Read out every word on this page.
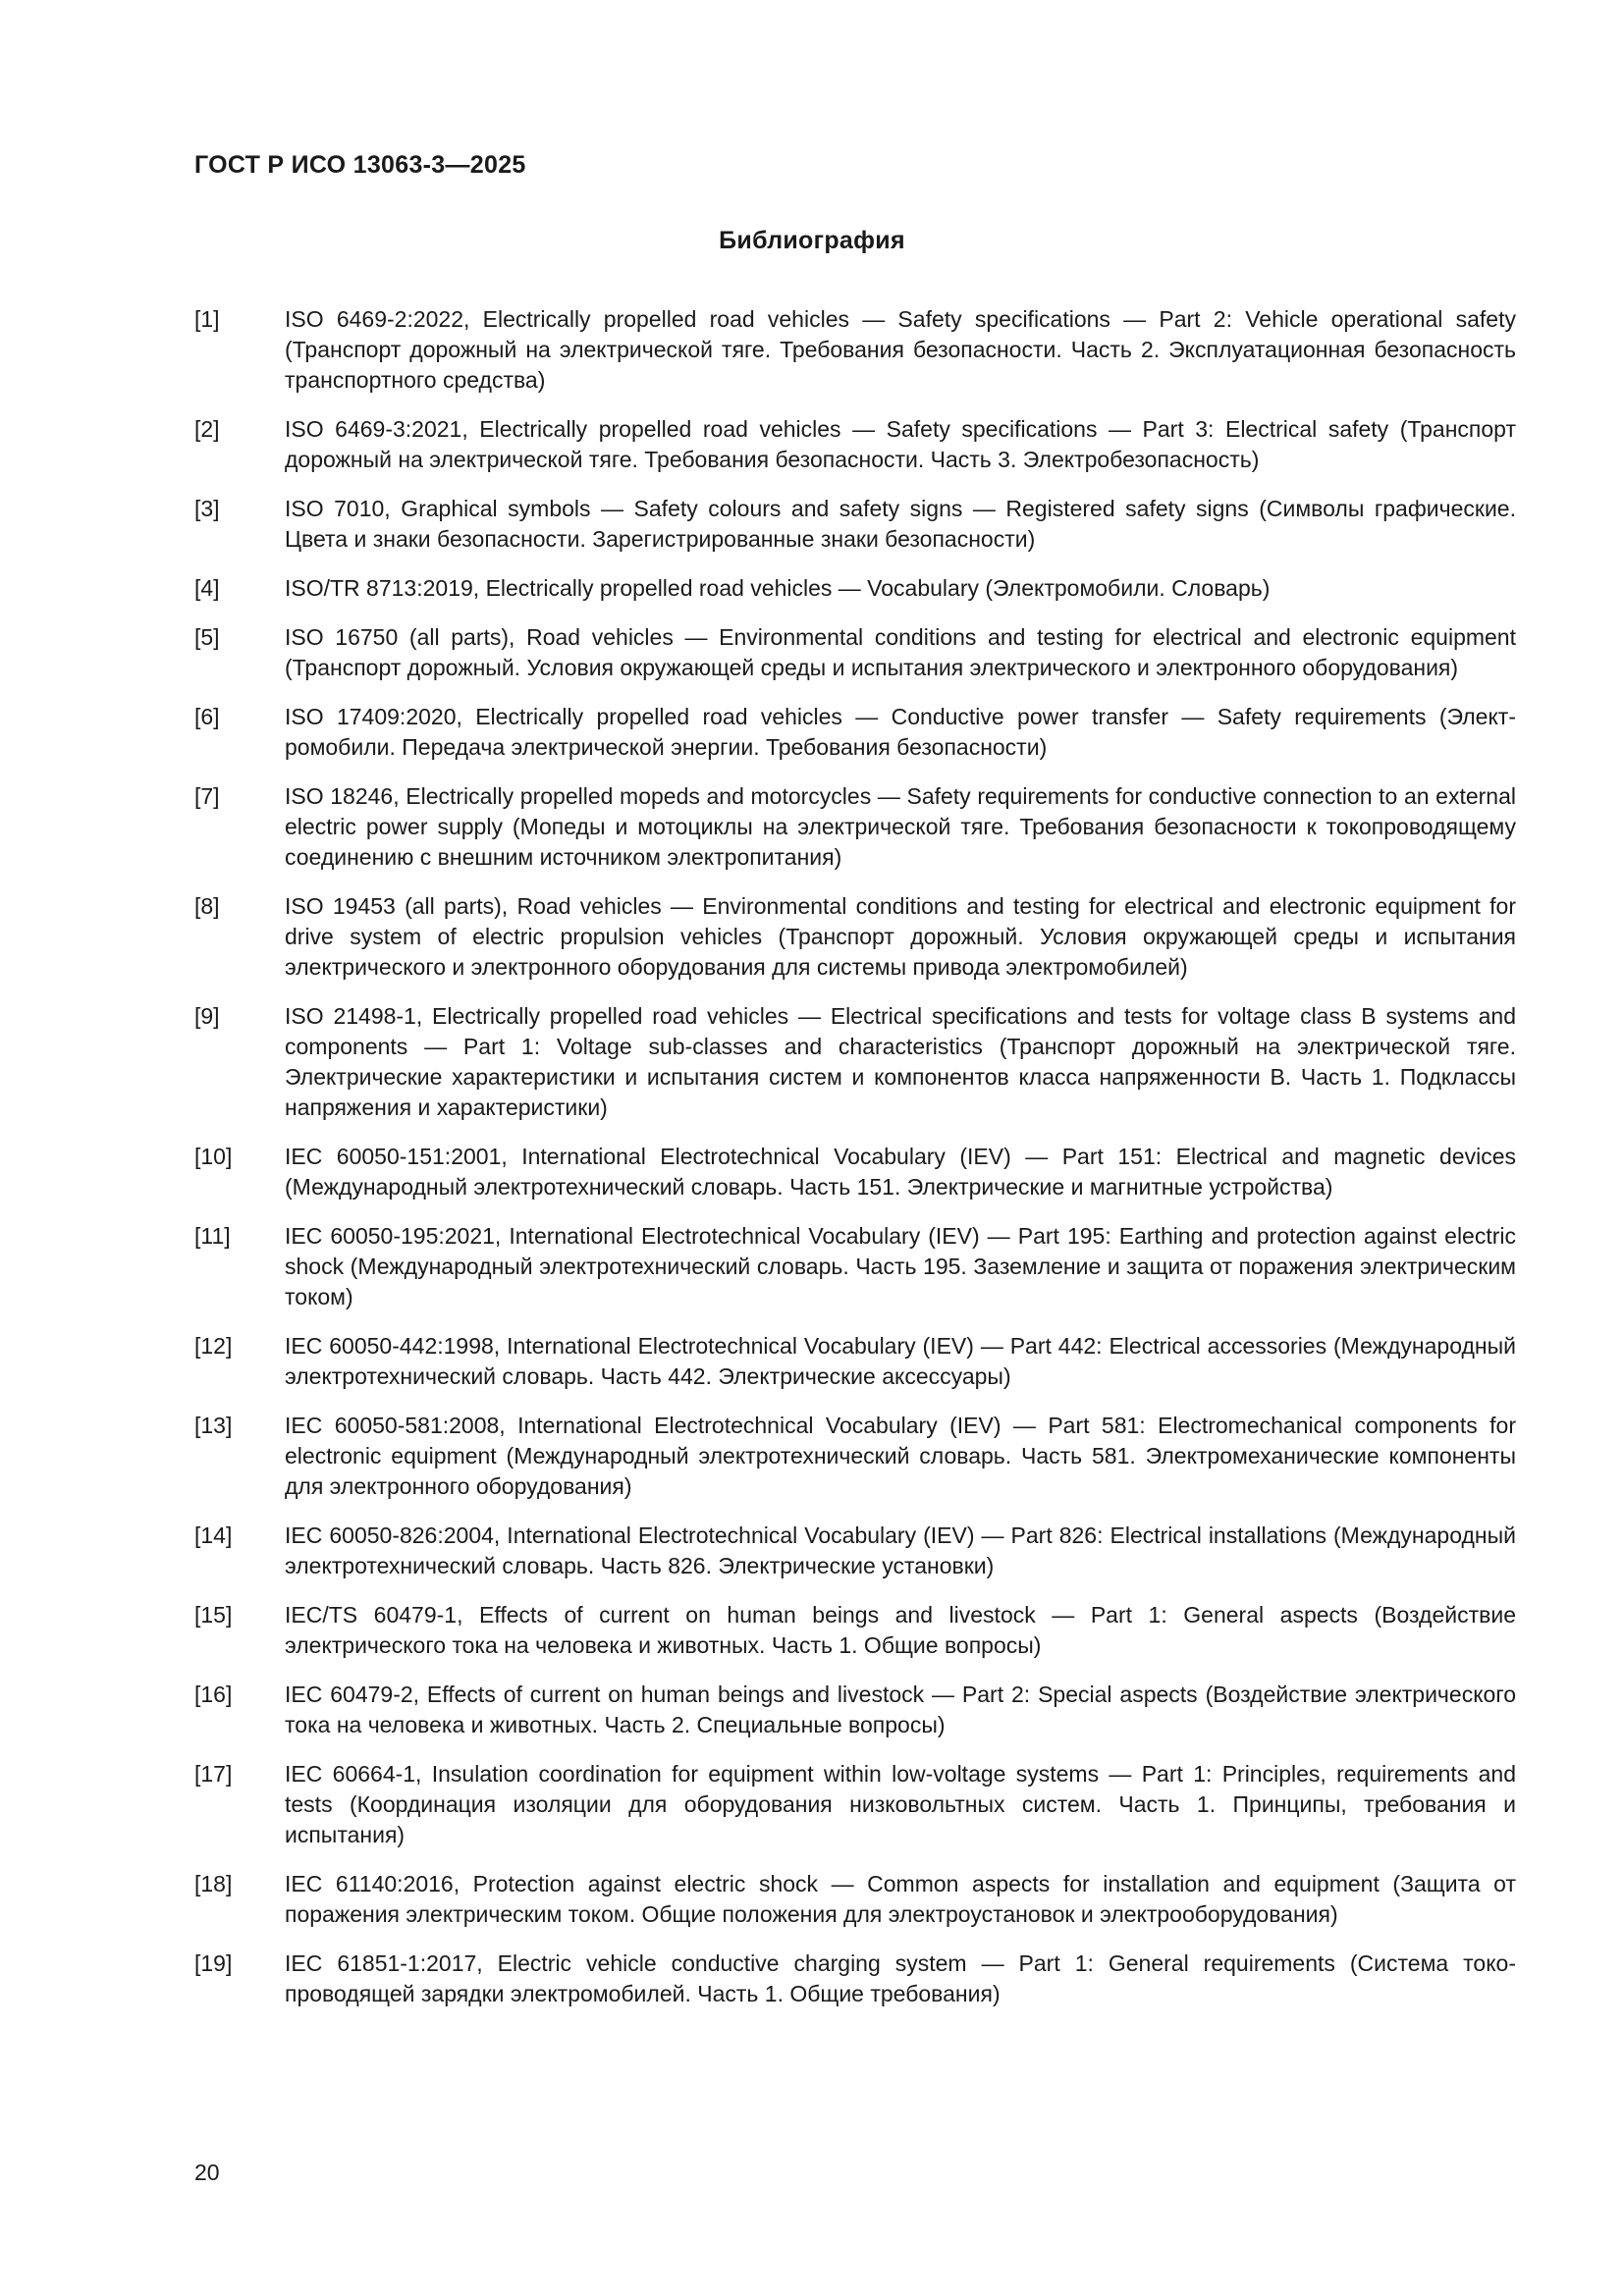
ГОСТ Р ИСО 13063-3—2025
Библиография
[1]	ISO 6469-2:2022, Electrically propelled road vehicles — Safety specifications — Part 2: Vehicle operational safety (Транспорт дорожный на электрической тяге. Требования безопасности. Часть 2. Эксплуатационная безопасность транспортного средства)
[2]	ISO 6469-3:2021, Electrically propelled road vehicles — Safety specifications — Part 3: Electrical safety (Транспорт дорожный на электрической тяге. Требования безопасности. Часть 3. Электробезопасность)
[3]	ISO 7010, Graphical symbols — Safety colours and safety signs — Registered safety signs (Символы графические. Цвета и знаки безопасности. Зарегистрированные знаки безопасности)
[4]	ISO/TR 8713:2019, Electrically propelled road vehicles — Vocabulary (Электромобили. Словарь)
[5]	ISO 16750 (all parts), Road vehicles — Environmental conditions and testing for electrical and electronic equipment (Транспорт дорожный. Условия окружающей среды и испытания электрического и электронного оборудования)
[6]	ISO 17409:2020, Electrically propelled road vehicles — Conductive power transfer — Safety requirements (Электромобили. Передача электрической энергии. Требования безопасности)
[7]	ISO 18246, Electrically propelled mopeds and motorcycles — Safety requirements for conductive connection to an external electric power supply (Мопеды и мотоциклы на электрической тяге. Требования безопасности к токопроводящему соединению с внешним источником электропитания)
[8]	ISO 19453 (all parts), Road vehicles — Environmental conditions and testing for electrical and electronic equipment for drive system of electric propulsion vehicles (Транспорт дорожный. Условия окружающей среды и испытания электрического и электронного оборудования для системы привода электромобилей)
[9]	ISO 21498-1, Electrically propelled road vehicles — Electrical specifications and tests for voltage class B systems and components — Part 1: Voltage sub-classes and characteristics (Транспорт дорожный на электрической тяге. Электрические характеристики и испытания систем и компонентов класса напряженности B. Часть 1. Подклассы напряжения и характеристики)
[10]	IEC 60050-151:2001, International Electrotechnical Vocabulary (IEV) — Part 151: Electrical and magnetic devices (Международный электротехнический словарь. Часть 151. Электрические и магнитные устройства)
[11]	IEC 60050-195:2021, International Electrotechnical Vocabulary (IEV) — Part 195: Earthing and protection against electric shock (Международный электротехнический словарь. Часть 195. Заземление и защита от поражения электрическим током)
[12]	IEC 60050-442:1998, International Electrotechnical Vocabulary (IEV) — Part 442: Electrical accessories (Международный электротехнический словарь. Часть 442. Электрические аксессуары)
[13]	IEC 60050-581:2008, International Electrotechnical Vocabulary (IEV) — Part 581: Electromechanical components for electronic equipment (Международный электротехнический словарь. Часть 581. Электромеханические компоненты для электронного оборудования)
[14]	IEC 60050-826:2004, International Electrotechnical Vocabulary (IEV) — Part 826: Electrical installations (Международный электротехнический словарь. Часть 826. Электрические установки)
[15]	IEC/TS 60479-1, Effects of current on human beings and livestock — Part 1: General aspects (Воздействие электрического тока на человека и животных. Часть 1. Общие вопросы)
[16]	IEC 60479-2, Effects of current on human beings and livestock — Part 2: Special aspects (Воздействие электрического тока на человека и животных. Часть 2. Специальные вопросы)
[17]	IEC 60664-1, Insulation coordination for equipment within low-voltage systems — Part 1: Principles, requirements and tests (Координация изоляции для оборудования низковольтных систем. Часть 1. Принципы, требования и испытания)
[18]	IEC 61140:2016, Protection against electric shock — Common aspects for installation and equipment (Защита от поражения электрическим током. Общие положения для электроустановок и электрооборудования)
[19]	IEC 61851-1:2017, Electric vehicle conductive charging system — Part 1: General requirements (Система токопроводящей зарядки электромобилей. Часть 1. Общие требования)
20
